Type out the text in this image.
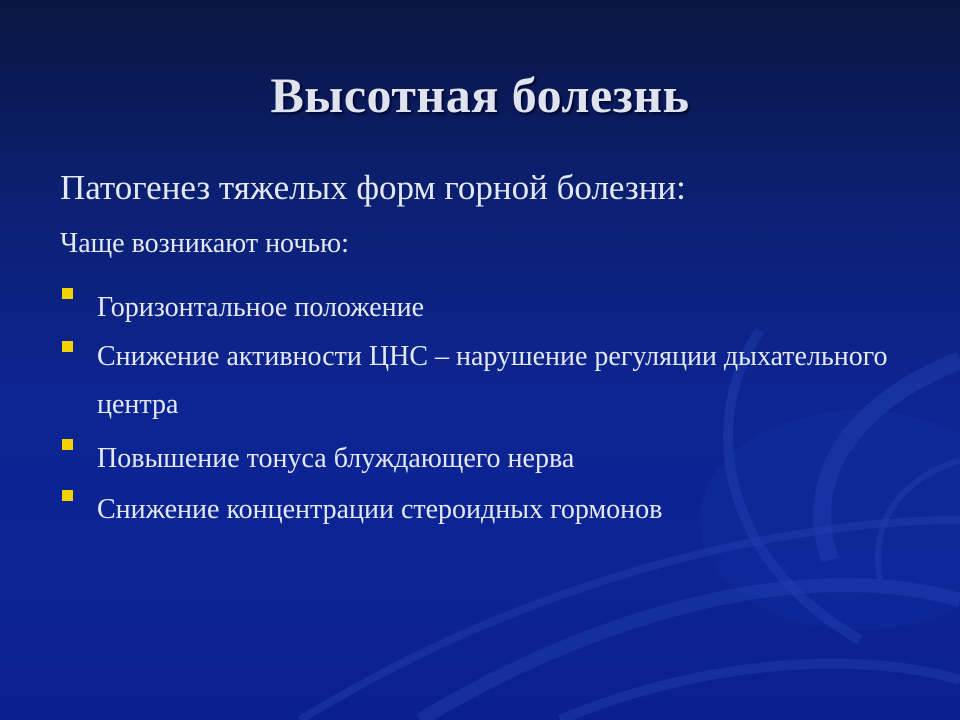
Высотная болезнь
Патогенез тяжелых форм горной болезни:
Чаще возникают ночью:
Горизонтальное положение
Снижение активности ЦНС – нарушение регуляции дыхательного центра
Повышение тонуса блуждающего нерва
Снижение концентрации стероидных гормонов
